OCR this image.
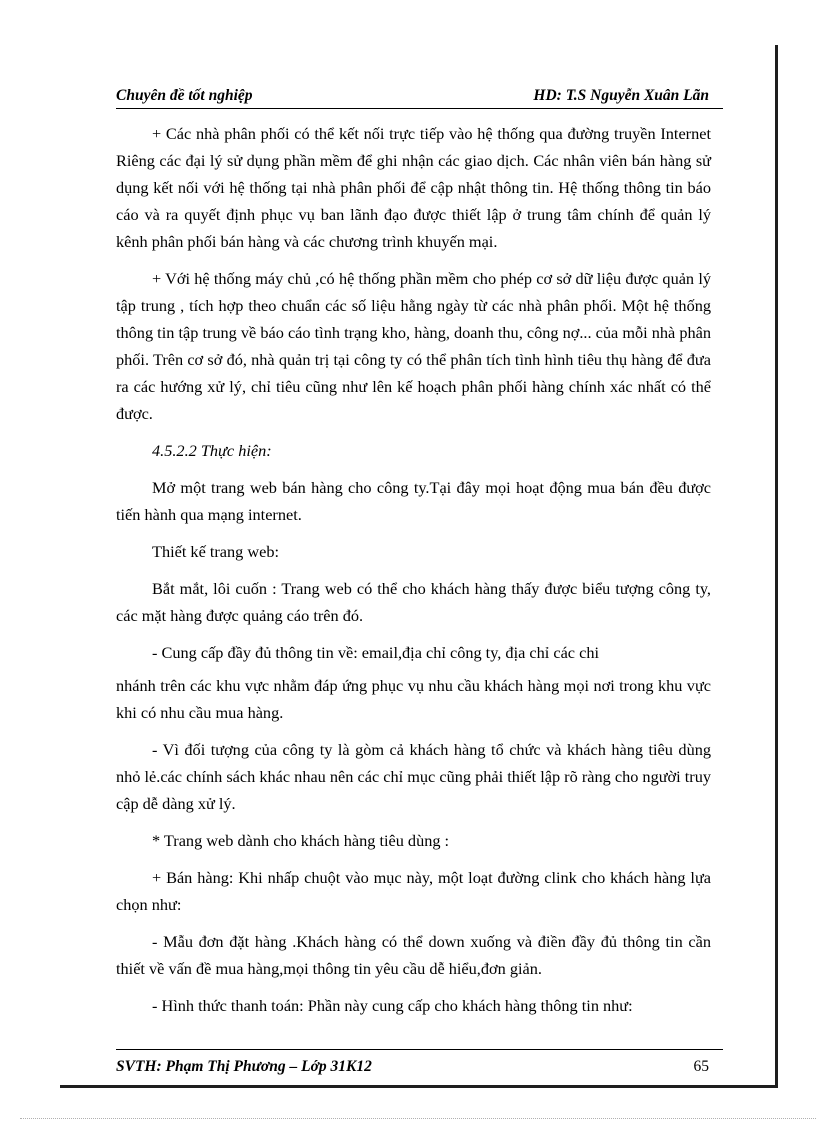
Chuyên đề tốt nghiệp	HD: T.S Nguyễn Xuân Lãn

+ Các nhà phân phối có thể kết nối trực tiếp vào hệ thống qua đường truyền Internet Riêng các đại lý sử dụng phần mềm để ghi nhận các giao dịch. Các nhân viên bán hàng sử dụng kết nối với hệ thống tại nhà phân phối để cập nhật thông tin. Hệ thống thông tin báo cáo và ra quyết định phục vụ ban lãnh đạo được thiết lập ở trung tâm chính để quản lý kênh phân phối bán hàng và các chương trình khuyến mại.

+ Với hệ thống máy chủ ,có hệ thống phần mềm cho phép cơ sở dữ liệu được quản lý tập trung , tích hợp theo chuẩn các số liệu hằng ngày từ các nhà phân phối. Một hệ thống thông tin tập trung về báo cáo tình trạng kho, hàng, doanh thu, công nợ... của mỗi nhà phân phối. Trên cơ sở đó, nhà quản trị tại công ty có thể phân tích tình hình tiêu thụ hàng để đưa ra các hướng xử lý, chỉ tiêu cũng như lên kế hoạch phân phối hàng chính xác nhất có thể được.

4.5.2.2 Thực hiện:

Mở một trang web bán hàng cho công ty.Tại đây mọi hoạt động mua bán đều được tiến hành qua mạng internet.

Thiết kế trang web:

Bắt mắt, lôi cuốn : Trang web có thể cho khách hàng thấy được biểu tượng công ty, các mặt hàng được quảng cáo trên đó.

- Cung cấp đầy đủ thông tin về: email,địa chỉ công ty, địa chỉ các chi

nhánh trên các khu vực nhằm đáp ứng phục vụ nhu cầu khách hàng mọi nơi trong khu vực khi có nhu cầu mua hàng.

- Vì đối tượng của công ty là gòm cả khách hàng tổ chức và khách hàng tiêu dùng nhỏ lẻ.các chính sách khác nhau nên các chỉ mục cũng phải thiết lập rõ ràng cho người truy cập dễ dàng xử lý.

* Trang web dành cho khách hàng tiêu dùng :

+ Bán hàng: Khi nhấp chuột vào mục này, một loạt đường clink cho khách hàng lựa chọn như:

- Mẫu đơn đặt hàng .Khách hàng có thể down xuống và điền đầy đủ thông tin cần thiết về vấn đề mua hàng,mọi thông tin yêu cầu dễ hiểu,đơn giản.

- Hình thức thanh toán: Phần này cung cấp cho khách hàng thông tin như:

SVTH: Phạm Thị Phương – Lớp 31K12	65
